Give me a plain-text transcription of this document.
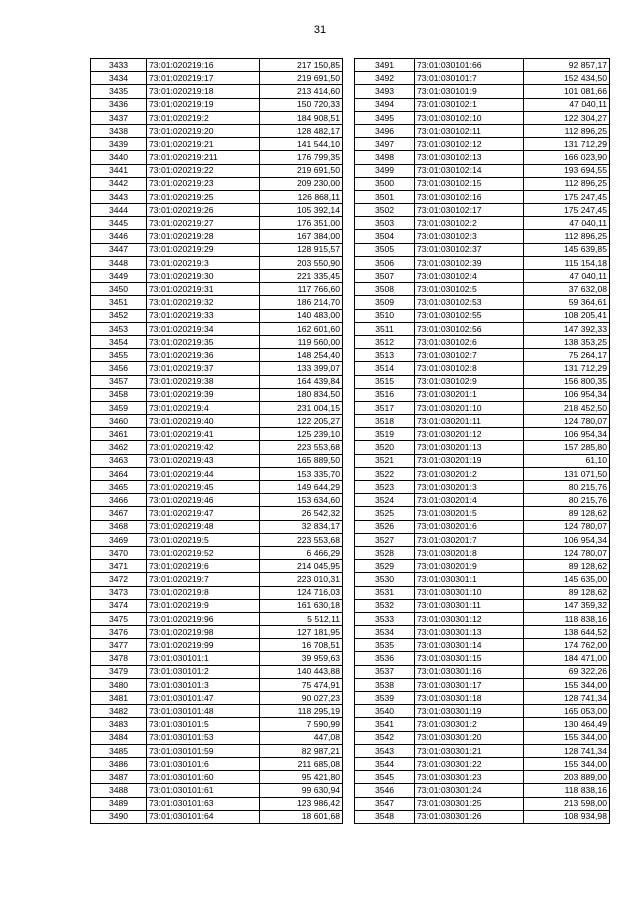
31
3433	73:01:020219:16	217 150,85
3434	73:01:020219:17	219 691,50
3435	73:01:020219:18	213 414,60
3436	73:01:020219:19	150 720,33
3437	73:01:020219:2	184 908,51
3438	73:01:020219:20	128 482,17
3439	73:01:020219:21	141 544,10
3440	73:01:020219:211	176 799,35
3441	73:01:020219:22	219 691,50
3442	73:01:020219:23	209 230,00
3443	73:01:020219:25	126 868,11
3444	73:01:020219:26	105 392,14
3445	73:01:020219:27	176 351,00
3446	73:01:020219:28	167 384,00
3447	73:01:020219:29	128 915,57
3448	73:01:020219:3	203 550,90
3449	73:01:020219:30	221 335,45
3450	73:01:020219:31	117 766,60
3451	73:01:020219:32	186 214,70
3452	73:01:020219:33	140 483,00
3453	73:01:020219:34	162 601,60
3454	73:01:020219:35	119 560,00
3455	73:01:020219:36	148 254,40
3456	73:01:020219:37	133 399,07
3457	73:01:020219:38	164 439,84
3458	73:01:020219:39	180 834,50
3459	73:01:020219:4	231 004,15
3460	73:01:020219:40	122 205,27
3461	73:01:020219:41	125 239,10
3462	73:01:020219:42	223 553,68
3463	73:01:020219:43	165 889,50
3464	73:01:020219:44	153 335,70
3465	73:01:020219:45	149 644,29
3466	73:01:020219:46	153 634,60
3467	73:01:020219:47	26 542,32
3468	73:01:020219:48	32 834,17
3469	73:01:020219:5	223 553,68
3470	73:01:020219:52	6 466,29
3471	73:01:020219:6	214 045,95
3472	73:01:020219:7	223 010,31
3473	73:01:020219:8	124 716,03
3474	73:01:020219:9	161 630,18
3475	73:01:020219:96	5 512,11
3476	73:01:020219:98	127 181,95
3477	73:01:020219:99	16 708,51
3478	73:01:030101:1	39 959,63
3479	73:01:030101:2	140 443,88
3480	73:01:030101:3	75 474,91
3481	73:01:030101:47	90 027,23
3482	73:01:030101:48	118 295,19
3483	73:01:030101:5	7 590,99
3484	73:01:030101:53	447,08
3485	73:01:030101:59	82 987,21
3486	73:01:030101:6	211 685,08
3487	73:01:030101:60	95 421,80
3488	73:01:030101:61	99 630,94
3489	73:01:030101:63	123 986,42
3490	73:01:030101:64	18 601,68
3491	73:01:030101:66	92 857,17
3492	73:01:030101:7	152 434,50
3493	73:01:030101:9	101 081,66
3494	73:01:030102:1	47 040,11
3495	73:01:030102:10	122 304,27
3496	73:01:030102:11	112 896,25
3497	73:01:030102:12	131 712,29
3498	73:01:030102:13	166 023,90
3499	73:01:030102:14	193 694,55
3500	73:01:030102:15	112 896,25
3501	73:01:030102:16	175 247,45
3502	73:01:030102:17	175 247,45
3503	73:01:030102:2	47 040,11
3504	73:01:030102:3	112 896,25
3505	73:01:030102:37	145 639,85
3506	73:01:030102:39	115 154,18
3507	73:01:030102:4	47 040,11
3508	73:01:030102:5	37 632,08
3509	73:01:030102:53	59 364,61
3510	73:01:030102:55	108 205,41
3511	73:01:030102:56	147 392,33
3512	73:01:030102:6	138 353,25
3513	73:01:030102:7	75 264,17
3514	73:01:030102:8	131 712,29
3515	73:01:030102:9	156 800,35
3516	73:01:030201:1	106 954,34
3517	73:01:030201:10	218 452,50
3518	73:01:030201:11	124 780,07
3519	73:01:030201:12	106 954,34
3520	73:01:030201:13	157 285,80
3521	73:01:030201:19	61,10
3522	73:01:030201:2	131 071,50
3523	73:01:030201:3	80 215,76
3524	73:01:030201:4	80 215,76
3525	73:01:030201:5	89 128,62
3526	73:01:030201:6	124 780,07
3527	73:01:030201:7	106 954,34
3528	73:01:030201:8	124 780,07
3529	73:01:030201:9	89 128,62
3530	73:01:030301:1	145 635,00
3531	73:01:030301:10	89 128,62
3532	73:01:030301:11	147 359,32
3533	73:01:030301:12	118 838,16
3534	73:01:030301:13	138 644,52
3535	73:01:030301:14	174 762,00
3536	73:01:030301:15	184 471,00
3537	73:01:030301:16	69 322,26
3538	73:01:030301:17	155 344,00
3539	73:01:030301:18	128 741,34
3540	73:01:030301:19	165 053,00
3541	73:01:030301:2	130 464,49
3542	73:01:030301:20	155 344,00
3543	73:01:030301:21	128 741,34
3544	73:01:030301:22	155 344,00
3545	73:01:030301:23	203 889,00
3546	73:01:030301:24	118 838,16
3547	73:01:030301:25	213 598,00
3548	73:01:030301:26	108 934,98
